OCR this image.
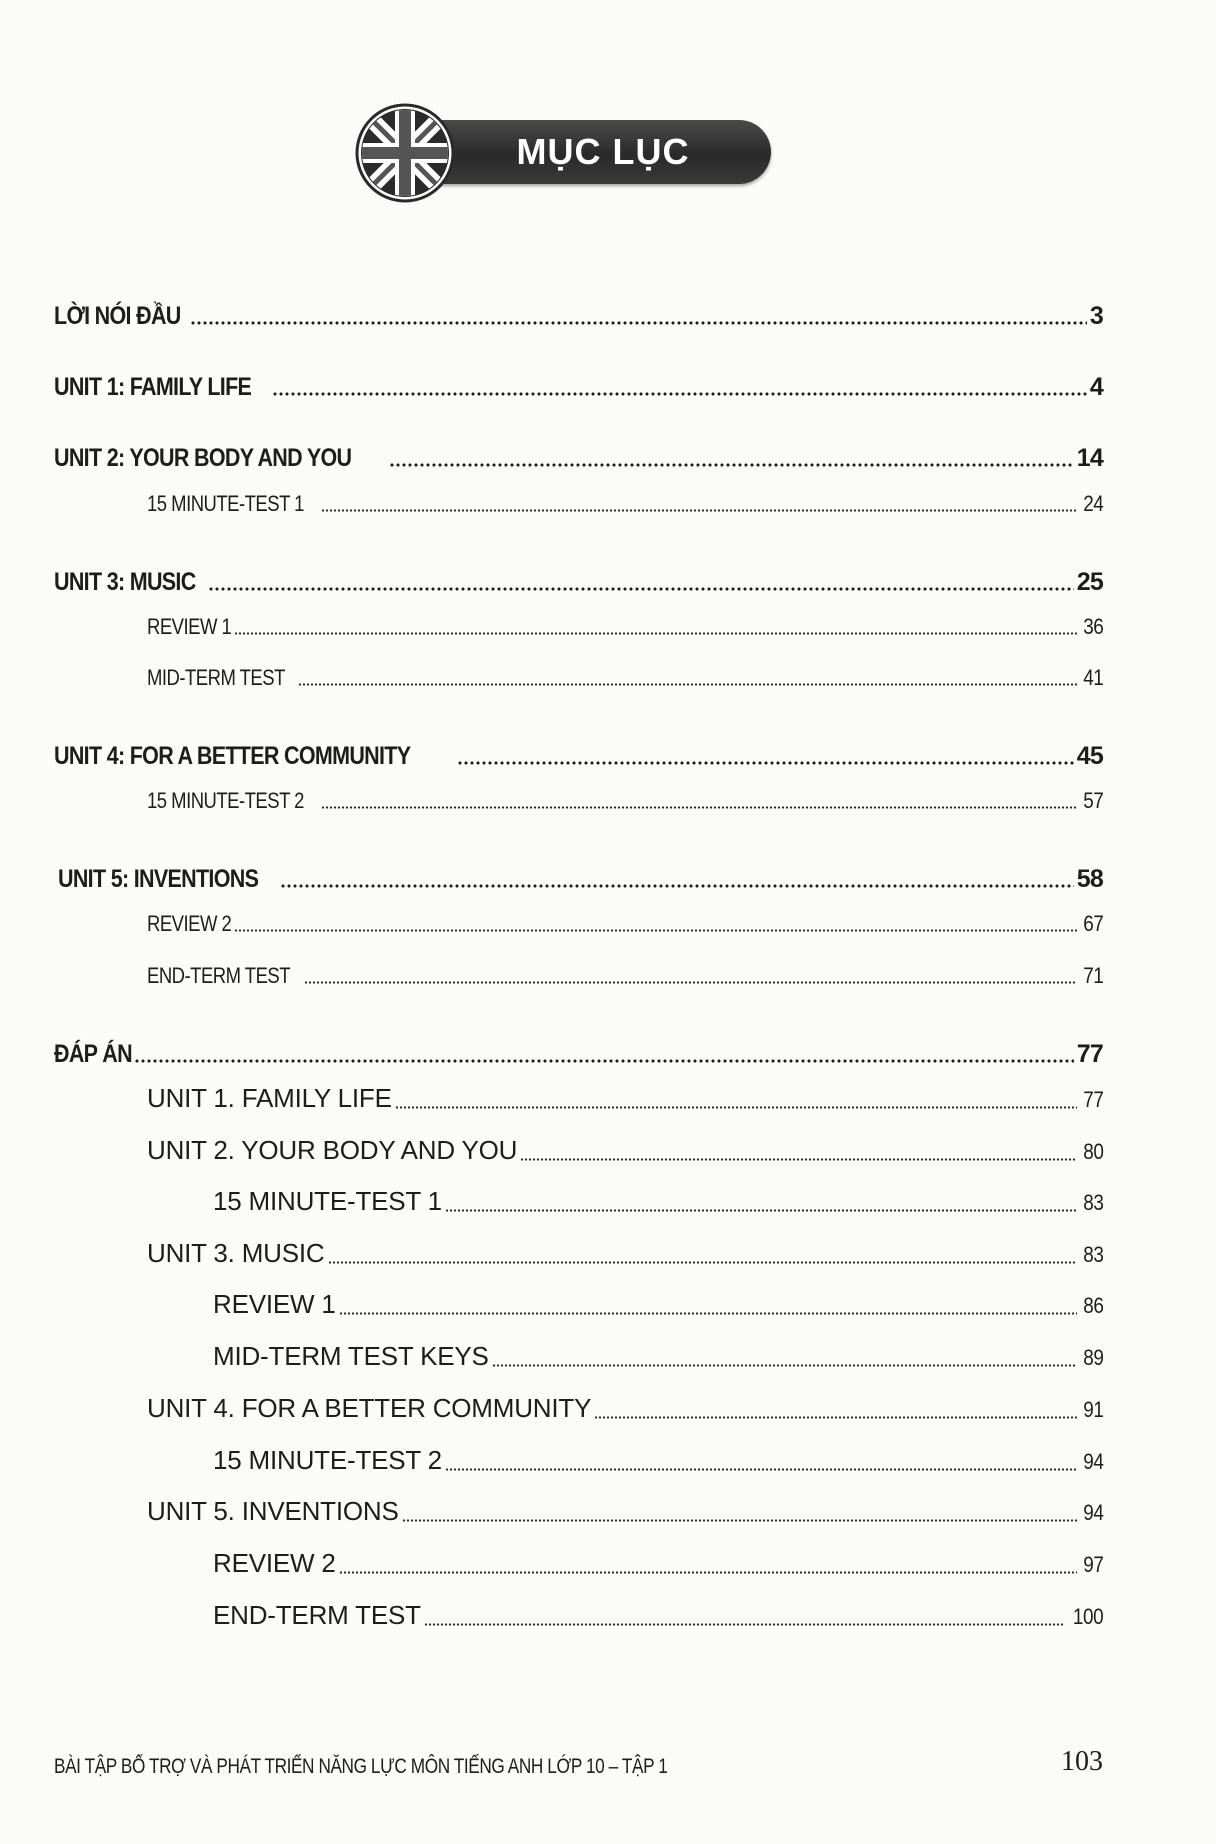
MỤC LỤC
LỜI NÓI ĐẦU	3
UNIT 1: FAMILY LIFE	4
UNIT 2: YOUR BODY AND YOU	14
15 MINUTE-TEST 1	24
UNIT 3: MUSIC	25
REVIEW 1	36
MID-TERM TEST	41
UNIT 4: FOR A BETTER COMMUNITY	45
15 MINUTE-TEST 2	57
UNIT 5: INVENTIONS	58
REVIEW 2	67
END-TERM TEST	71
ĐÁP ÁN	77
UNIT 1. FAMILY LIFE	77
UNIT 2. YOUR BODY AND YOU	80
15 MINUTE-TEST 1	83
UNIT 3. MUSIC	83
REVIEW 1	86
MID-TERM TEST KEYS	89
UNIT 4. FOR A BETTER COMMUNITY	91
15 MINUTE-TEST 2	94
UNIT 5. INVENTIONS	94
REVIEW 2	97
END-TERM TEST	100
BÀI TẬP BỔ TRỢ VÀ PHÁT TRIỂN NĂNG LỰC MÔN TIẾNG ANH LỚP 10 – TẬP 1	103
